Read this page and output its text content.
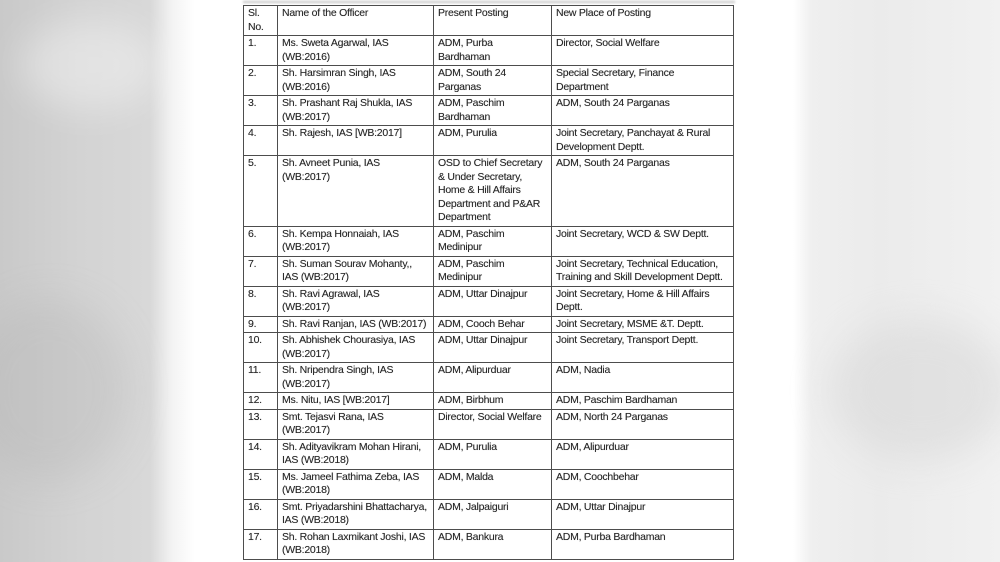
Sl. No.	Name of the Officer	Present Posting	New Place of Posting
1.	Ms. Sweta Agarwal, IAS (WB:2016)	ADM, Purba Bardhaman	Director, Social Welfare
2.	Sh. Harsimran Singh, IAS (WB:2016)	ADM, South 24 Parganas	Special Secretary, Finance Department
3.	Sh. Prashant Raj Shukla, IAS (WB:2017)	ADM, Paschim Bardhaman	ADM, South 24 Parganas
4.	Sh. Rajesh, IAS [WB:2017]	ADM, Purulia	Joint Secretary, Panchayat & Rural Development Deptt.
5.	Sh. Avneet Punia, IAS (WB:2017)	OSD to Chief Secretary & Under Secretary, Home & Hill Affairs Department and P&AR Department	ADM, South 24 Parganas
6.	Sh. Kempa Honnaiah, IAS (WB:2017)	ADM, Paschim Medinipur	Joint Secretary, WCD & SW Deptt.
7.	Sh. Suman Sourav Mohanty,, IAS (WB:2017)	ADM, Paschim Medinipur	Joint Secretary, Technical Education, Training and Skill Development Deptt.
8.	Sh. Ravi Agrawal, IAS (WB:2017)	ADM, Uttar Dinajpur	Joint Secretary, Home & Hill Affairs Deptt.
9.	Sh. Ravi Ranjan, IAS (WB:2017)	ADM, Cooch Behar	Joint Secretary, MSME &T. Deptt.
10.	Sh. Abhishek Chourasiya, IAS (WB:2017)	ADM, Uttar Dinajpur	Joint Secretary, Transport Deptt.
11.	Sh. Nripendra Singh, IAS (WB:2017)	ADM, Alipurduar	ADM, Nadia
12.	Ms. Nitu, IAS [WB:2017]	ADM, Birbhum	ADM, Paschim Bardhaman
13.	Smt. Tejasvi Rana, IAS (WB:2017)	Director, Social Welfare	ADM, North 24 Parganas
14.	Sh. Adityavikram Mohan Hirani, IAS (WB:2018)	ADM, Purulia	ADM, Alipurduar
15.	Ms. Jameel Fathima Zeba, IAS (WB:2018)	ADM, Malda	ADM, Coochbehar
16.	Smt. Priyadarshini Bhattacharya, IAS (WB:2018)	ADM, Jalpaiguri	ADM, Uttar Dinajpur
17.	Sh. Rohan Laxmikant Joshi, IAS (WB:2018)	ADM, Bankura	ADM, Purba Bardhaman
